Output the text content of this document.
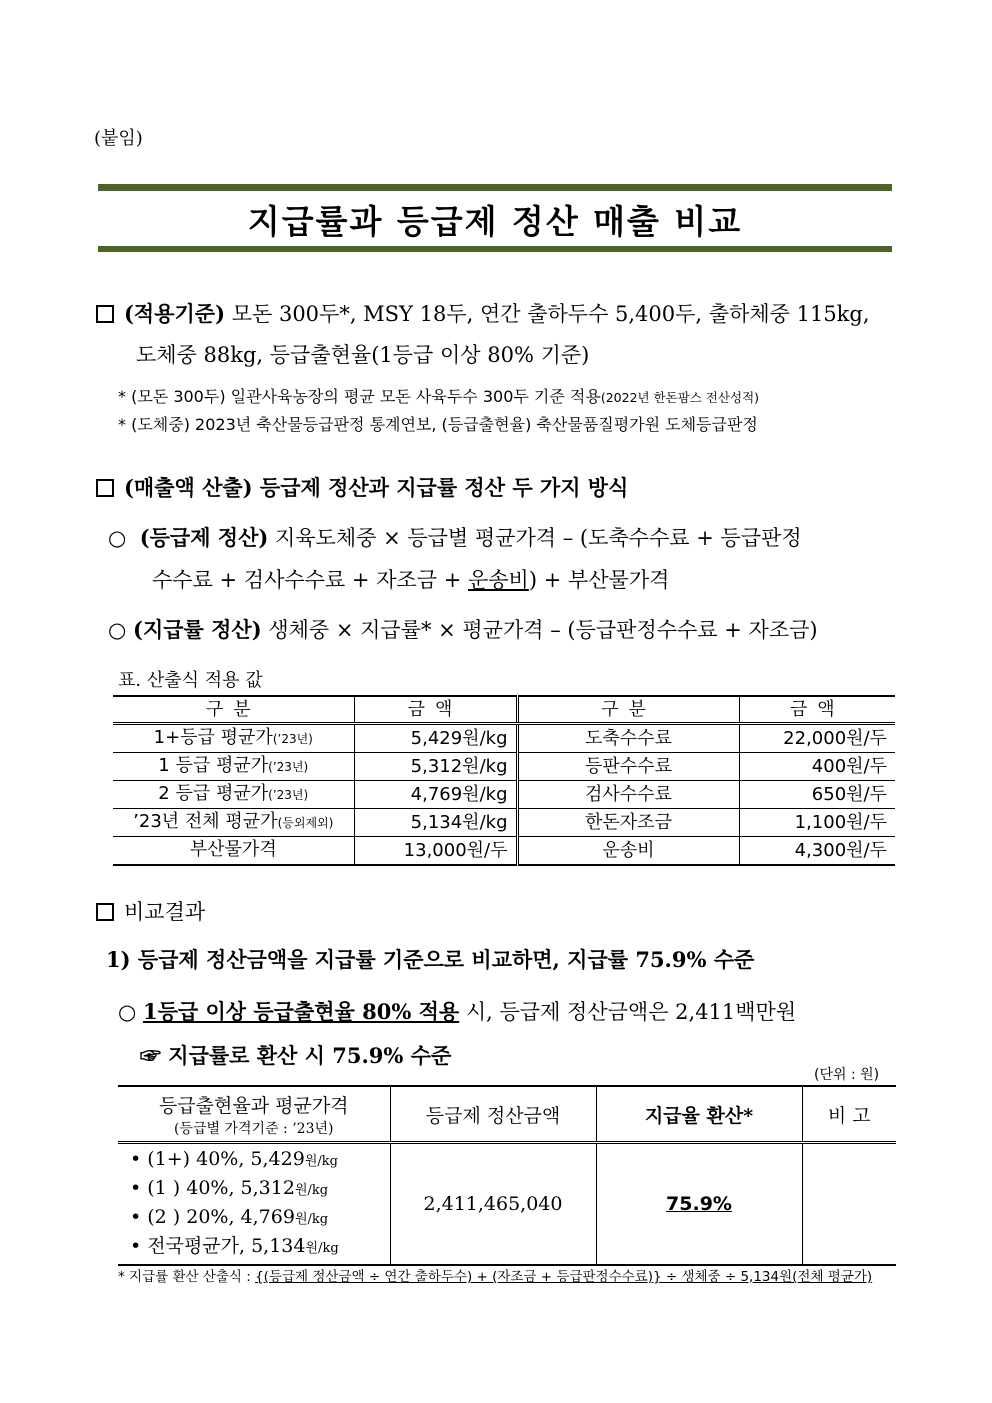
(붙임)
지급률과 등급제 정산 매출 비교
(적용기준) 모돈 300두*, MSY 18두, 연간 출하두수 5,400두, 출하체중 115kg,
도체중 88kg, 등급출현율(1등급 이상 80% 기준)
* (모돈 300두) 일관사육농장의 평균 모돈 사육두수 300두 기준 적용(2022년 한돈팜스 전산성적)
* (도체중) 2023년 축산물등급판정 통계연보, (등급출현율) 축산물품질평가원 도체등급판정
(매출액 산출) 등급제 정산과 지급률 정산 두 가지 방식
○ (등급제 정산) 지육도체중 × 등급별 평균가격 – (도축수수료 + 등급판정
수수료 + 검사수수료 + 자조금 + 운송비) + 부산물가격
○ (지급률 정산) 생체중 × 지급률* × 평균가격 – (등급판정수수료 + 자조금)
표. 산출식 적용 값
구분	금액	구분	금액
1+등급 평균가(’23년)	5,429원/kg	도축수수료	22,000원/두
1 등급 평균가(’23년)	5,312원/kg	등판수수료	400원/두
2 등급 평균가(’23년)	4,769원/kg	검사수수료	650원/두
’23년 전체 평균가(등외제외)	5,134원/kg	한돈자조금	1,100원/두
부산물가격	13,000원/두	운송비	4,300원/두
비교결과
1) 등급제 정산금액을 지급률 기준으로 비교하면, 지급률 75.9% 수준
○ 1등급 이상 등급출현율 80% 적용 시, 등급제 정산금액은 2,411백만원
☞ 지급률로 환산 시 75.9% 수준
(단위 : 원)
등급출현율과 평균가격
(등급별 가격기준 : ’23년)	등급제 정산금액	지급율 환산*	비 고

• (1+) 40%, 5,429원/kg
• (1 ) 40%, 5,312원/kg
• (2 ) 20%, 4,769원/kg
• 전국평균가, 5,134원/kg	2,411,465,040	75.9%	
* 지급률 환산 산출식 : {(등급제 정산금액 ÷ 연간 출하두수) + (자조금 + 등급판정수수료)} ÷ 생체중 ÷ 5,134원(전체 평균가)
